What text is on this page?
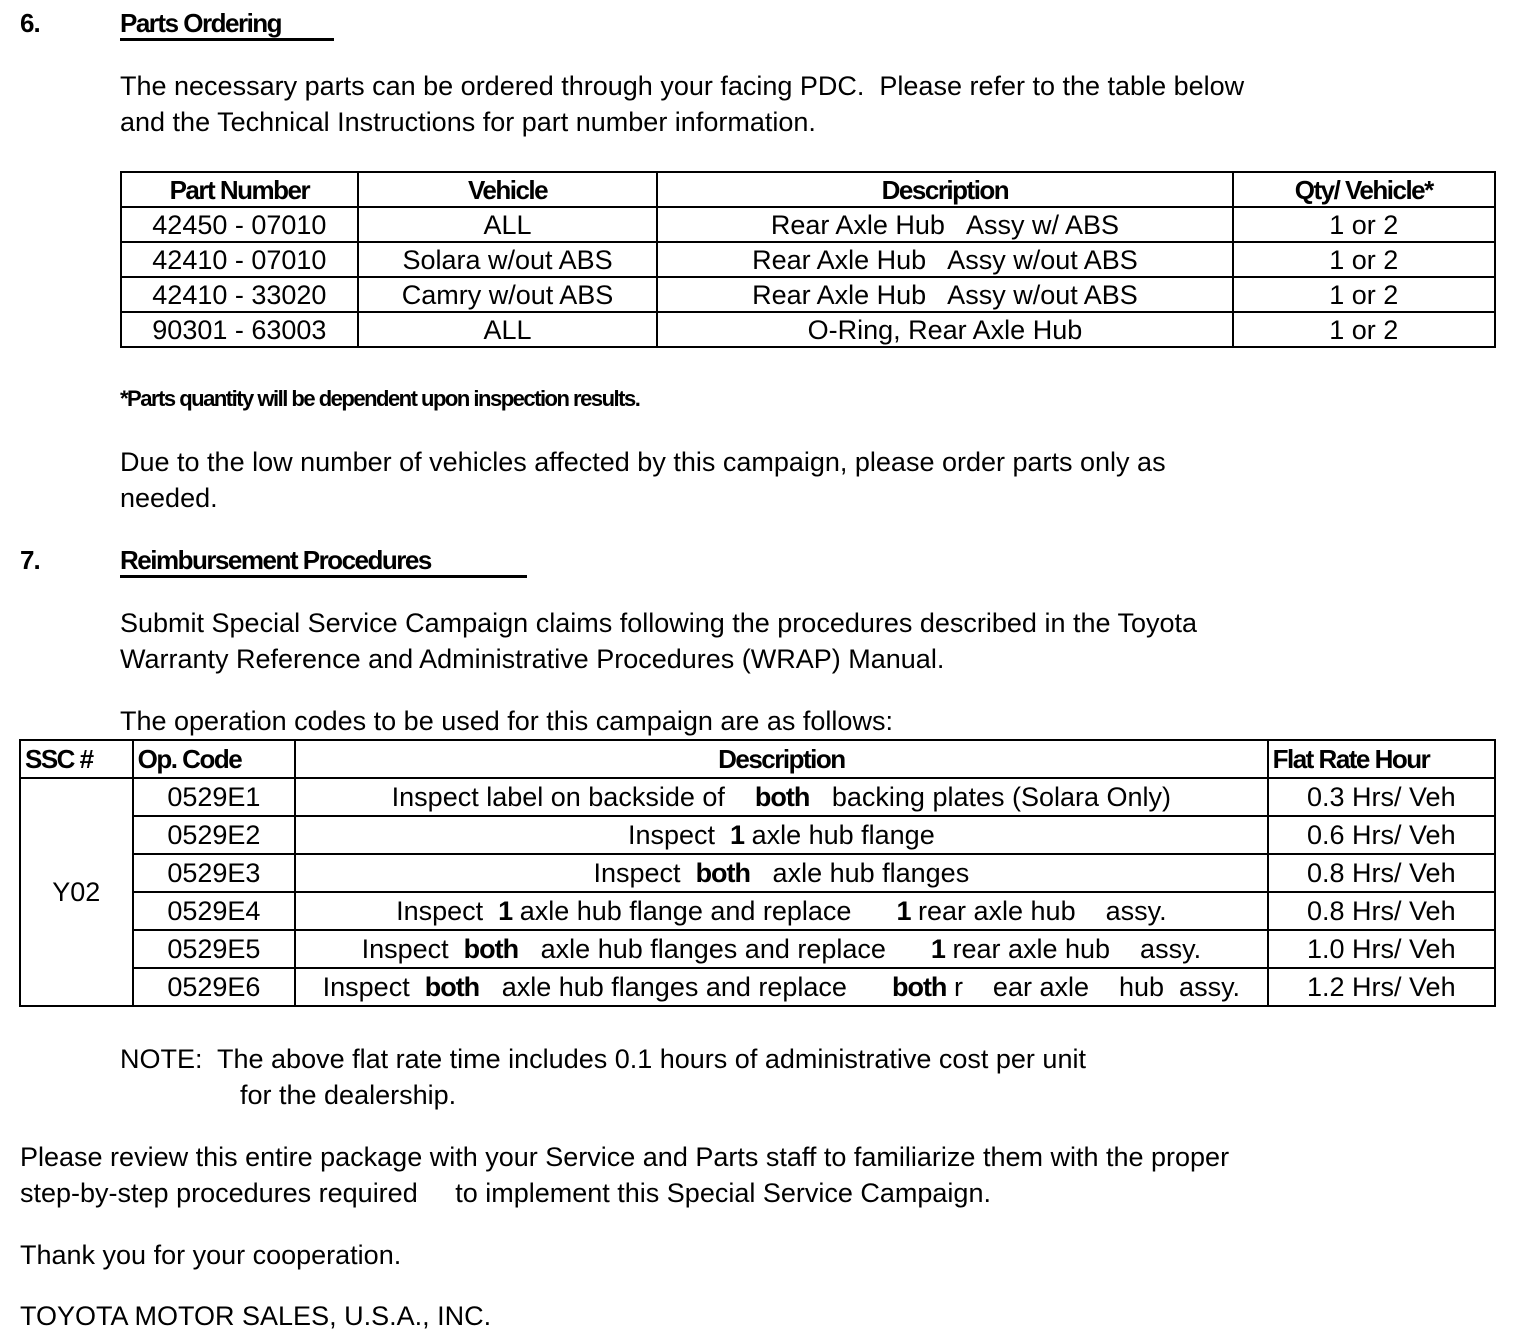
6.	Parts Ordering
The necessary parts can be ordered through your facing PDC.  Please refer to the table below
and the Technical Instructions for part number information.
Part Number	Vehicle	Description	Qty/ Vehicle*
42450 - 07010	ALL	Rear Axle Hub   Assy w/ ABS	1 or 2
42410 - 07010	Solara w/out ABS	Rear Axle Hub   Assy w/out ABS	1 or 2
42410 - 33020	Camry w/out ABS	Rear Axle Hub   Assy w/out ABS	1 or 2
90301 - 63003	ALL	O-Ring, Rear Axle Hub	1 or 2
*Parts quantity will be dependent upon inspection results.
Due to the low number of vehicles affected by this campaign, please order parts only as
needed.
7.	Reimbursement Procedures
Submit Special Service Campaign claims following the procedures described in the Toyota
Warranty Reference and Administrative Procedures (WRAP) Manual.
The operation codes to be used for this campaign are as follows:
SSC #	Op. Code	Description	Flat Rate Hour
Y02	0529E1	Inspect label on backside of    both   backing plates (Solara Only)	0.3 Hrs/ Veh
	0529E2	Inspect  1 axle hub flange	0.6 Hrs/ Veh
	0529E3	Inspect  both   axle hub flanges	0.8 Hrs/ Veh
	0529E4	Inspect  1 axle hub flange and replace      1 rear axle hub    assy.	0.8 Hrs/ Veh
	0529E5	Inspect  both   axle hub flanges and replace      1 rear axle hub    assy.	1.0 Hrs/ Veh
	0529E6	Inspect  both   axle hub flanges and replace      both r    ear axle    hub  assy.	1.2 Hrs/ Veh
NOTE:  The above flat rate time includes 0.1 hours of administrative cost per unit
for the dealership.
Please review this entire package with your Service and Parts staff to familiarize them with the proper
step-by-step procedures required     to implement this Special Service Campaign.
Thank you for your cooperation.
TOYOTA MOTOR SALES, U.S.A., INC.
